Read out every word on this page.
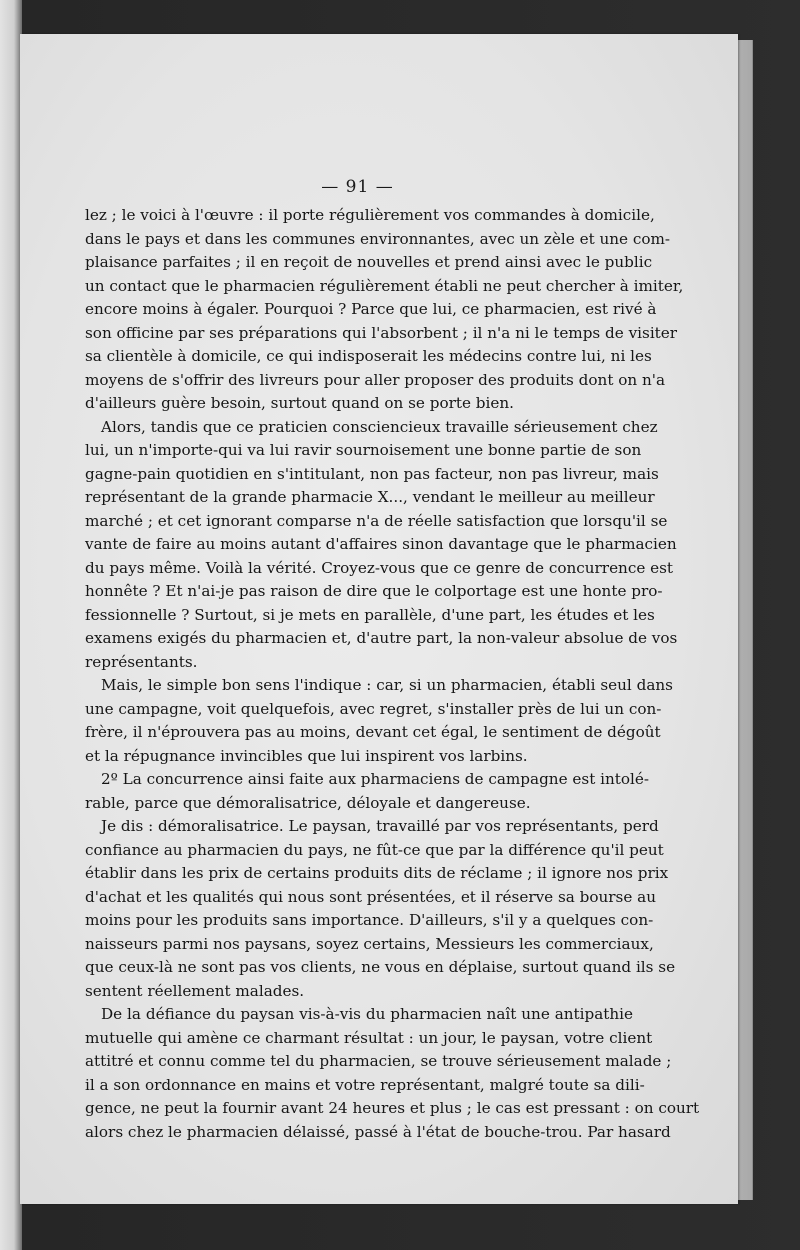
— 91 —
lez ; le voici à l'œuvre : il porte régulièrement vos commandes à domicile,
dans le pays et dans les communes environnantes, avec un zèle et une com-
plaisance parfaites ; il en reçoit de nouvelles et prend ainsi avec le public
un contact que le pharmacien régulièrement établi ne peut chercher à imiter,
encore moins à égaler. Pourquoi ? Parce que lui, ce pharmacien, est rivé à
son officine par ses préparations qui l'absorbent ; il n'a ni le temps de visiter
sa clientèle à domicile, ce qui indisposerait les médecins contre lui, ni les
moyens de s'offrir des livreurs pour aller proposer des produits dont on n'a
d'ailleurs guère besoin, surtout quand on se porte bien.
Alors, tandis que ce praticien consciencieux travaille sérieusement chez
lui, un n'importe-qui va lui ravir sournoisement une bonne partie de son
gagne-pain quotidien en s'intitulant, non pas facteur, non pas livreur, mais
représentant de la grande pharmacie X..., vendant le meilleur au meilleur
marché ; et cet ignorant comparse n'a de réelle satisfaction que lorsqu'il se
vante de faire au moins autant d'affaires sinon davantage que le pharmacien
du pays même. Voilà la vérité. Croyez-vous que ce genre de concurrence est
honnête ? Et n'ai-je pas raison de dire que le colportage est une honte pro-
fessionnelle ? Surtout, si je mets en parallèle, d'une part, les études et les
examens exigés du pharmacien et, d'autre part, la non-valeur absolue de vos
représentants.
Mais, le simple bon sens l'indique : car, si un pharmacien, établi seul dans
une campagne, voit quelquefois, avec regret, s'installer près de lui un con-
frère, il n'éprouvera pas au moins, devant cet égal, le sentiment de dégoût
et la répugnance invincibles que lui inspirent vos larbins.
2º La concurrence ainsi faite aux pharmaciens de campagne est intolé-
rable, parce que démoralisatrice, déloyale et dangereuse.
Je dis : démoralisatrice. Le paysan, travaillé par vos représentants, perd
confiance au pharmacien du pays, ne fût-ce que par la différence qu'il peut
établir dans les prix de certains produits dits de réclame ; il ignore nos prix
d'achat et les qualités qui nous sont présentées, et il réserve sa bourse au
moins pour les produits sans importance. D'ailleurs, s'il y a quelques con-
naisseurs parmi nos paysans, soyez certains, Messieurs les commerciaux,
que ceux-là ne sont pas vos clients, ne vous en déplaise, surtout quand ils se
sentent réellement malades.
De la défiance du paysan vis-à-vis du pharmacien naît une antipathie
mutuelle qui amène ce charmant résultat : un jour, le paysan, votre client
attitré et connu comme tel du pharmacien, se trouve sérieusement malade ;
il a son ordonnance en mains et votre représentant, malgré toute sa dili-
gence, ne peut la fournir avant 24 heures et plus ; le cas est pressant : on court
alors chez le pharmacien délaissé, passé à l'état de bouche-trou. Par hasard
